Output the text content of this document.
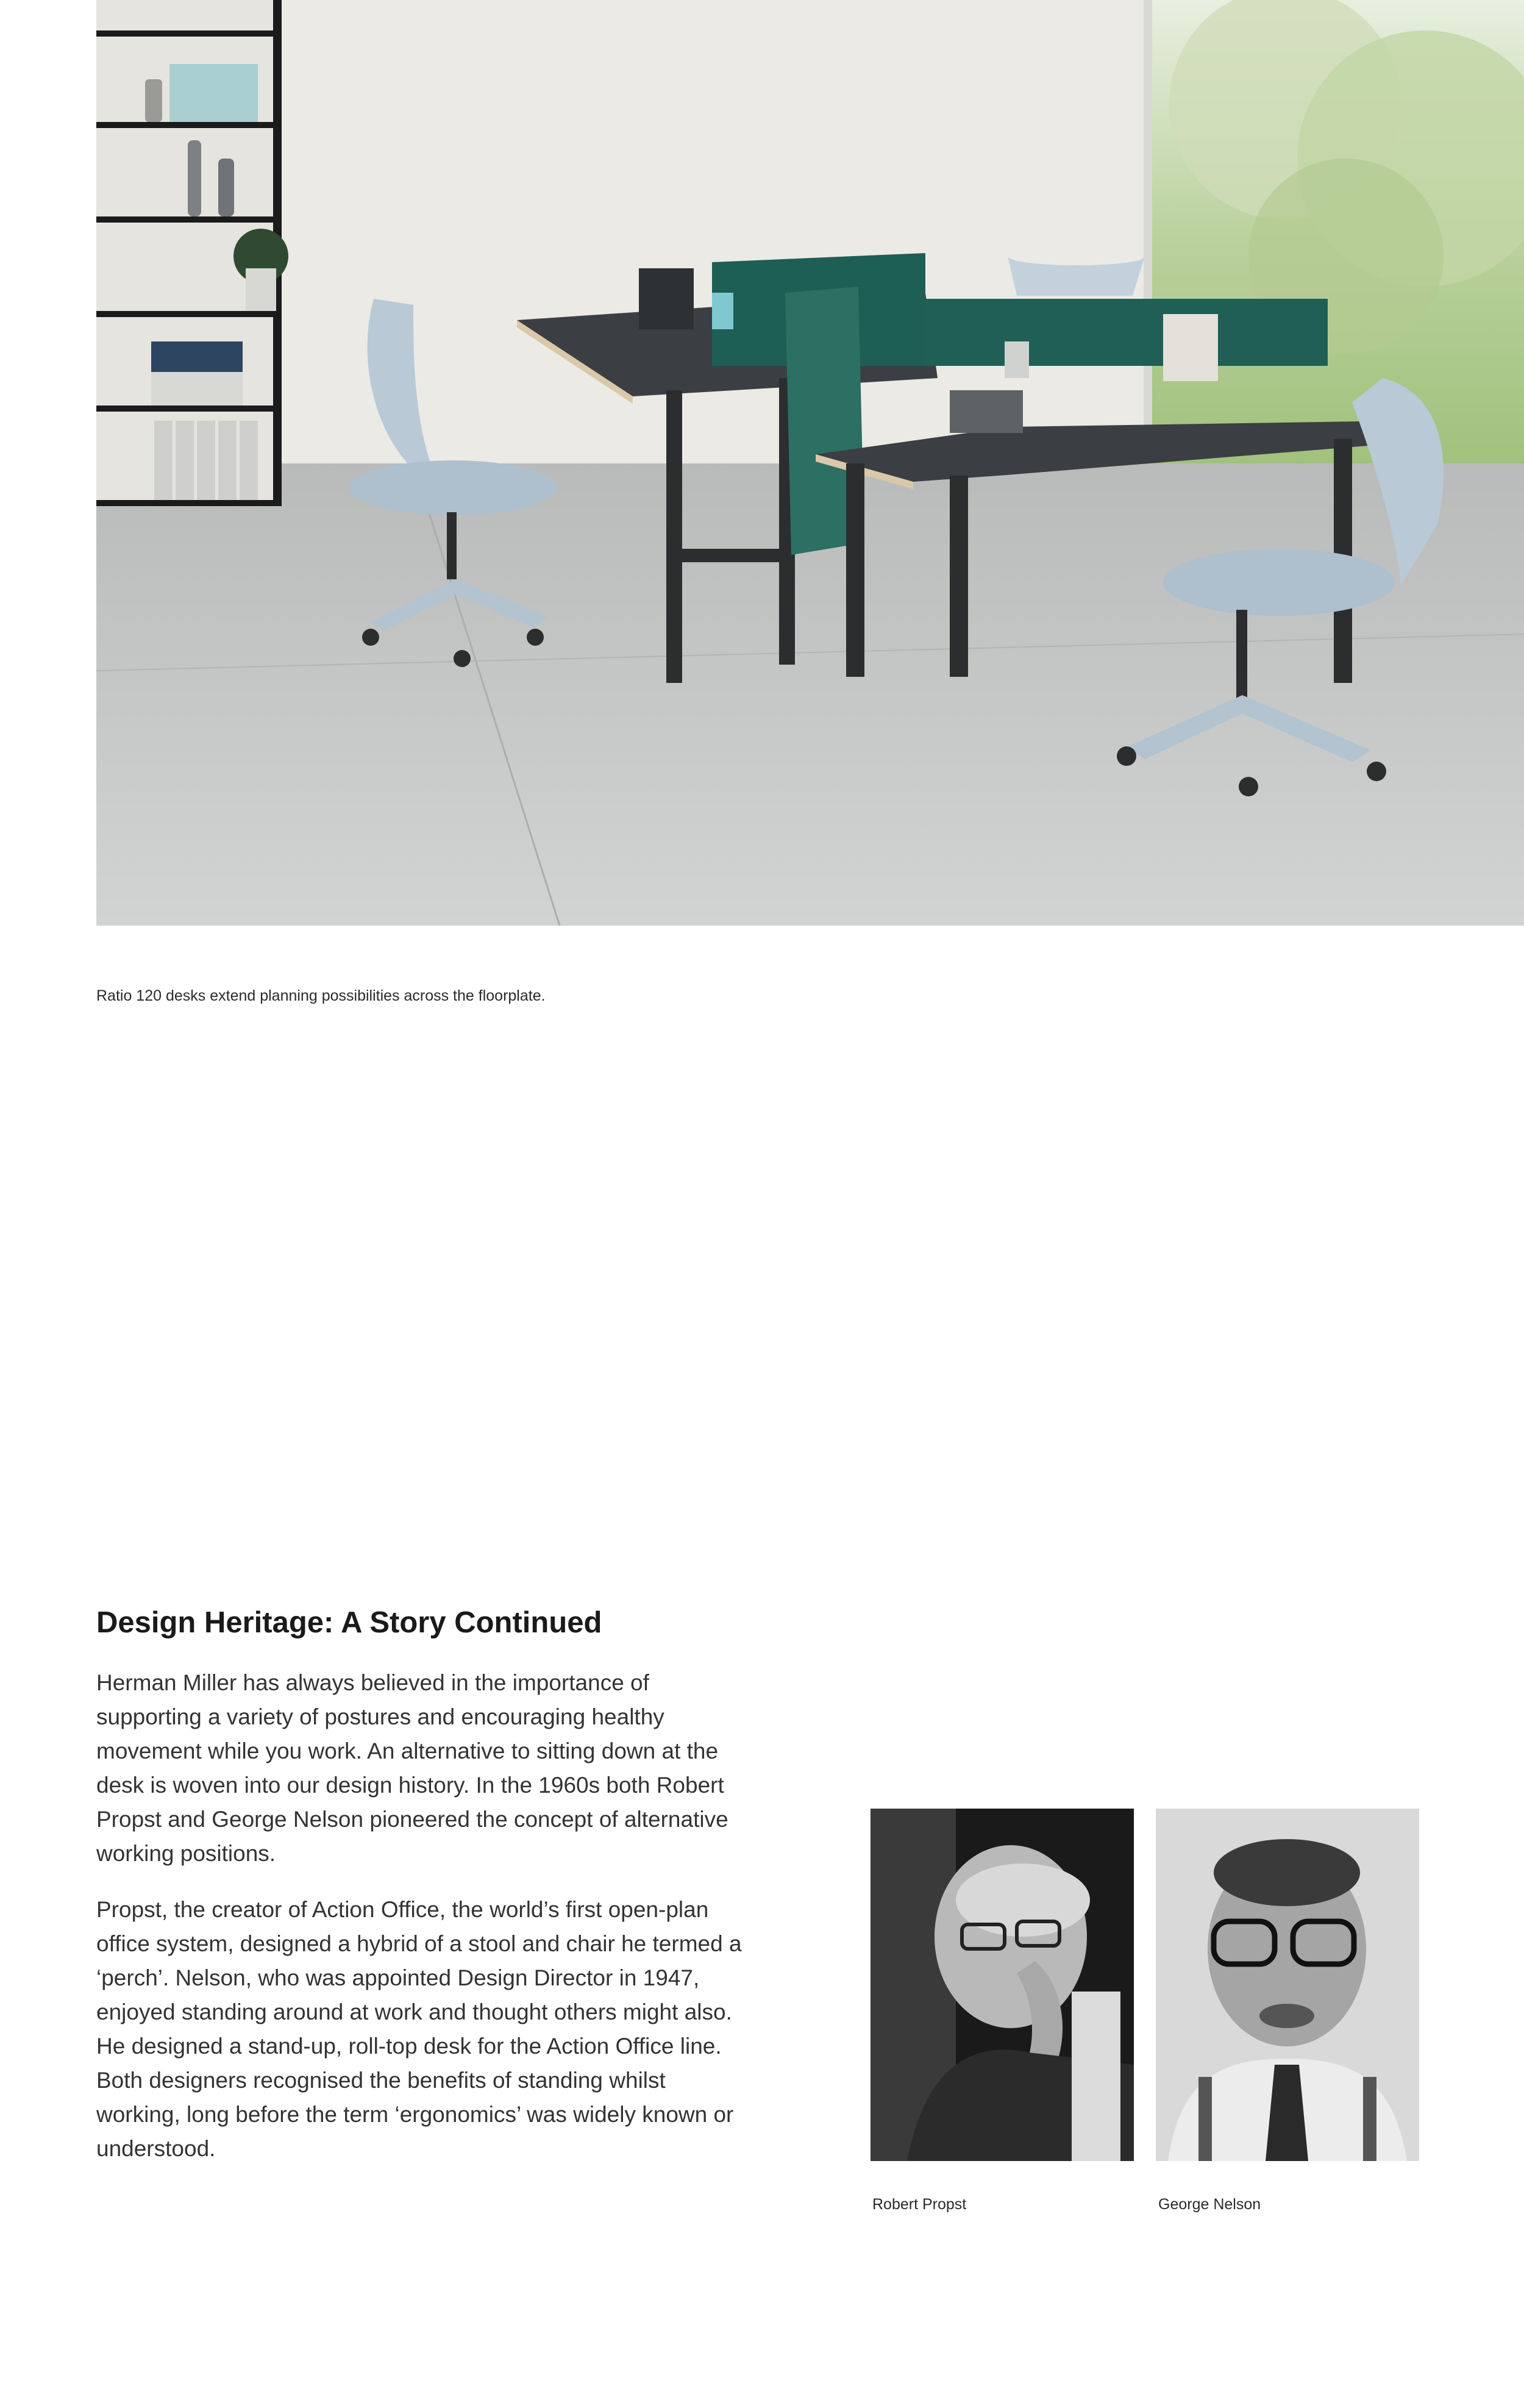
Ratio 120 desks extend planning possibilities across the floorplate.
Design Heritage: A Story Continued

Herman Miller has always believed in the importance of supporting a variety of postures and encouraging healthy movement while you work. An alternative to sitting down at the desk is woven into our design history. In the 1960s both Robert Propst and George Nelson pioneered the concept of alternative working positions.

Propst, the creator of Action Office, the world’s first open-plan office system, designed a hybrid of a stool and chair he termed a ‘perch’. Nelson, who was appointed Design Director in 1947, enjoyed standing around at work and thought others might also. He designed a stand-up, roll-top desk for the Action Office line. Both designers recognised the benefits of standing whilst working, long before the term ‘ergonomics’ was widely known or understood.

Robert Propst	George Nelson
